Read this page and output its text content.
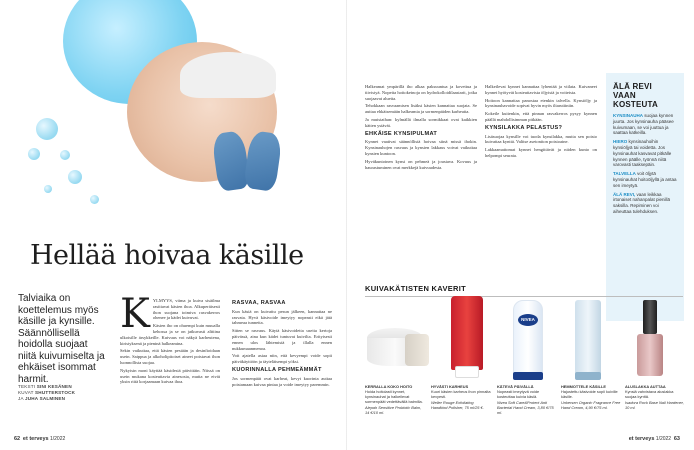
Hellää hoivaa käsille
Talviaika on koettelemus myös käsille ja kynsille. Säännöllisellä hoidolla suojaat niitä kuivumiselta ja ehkäiset isommat harmit.
TEKSTI SINI KESÄNEN
KUVAT SHUTTERSTOCK
JA JUHA SALMINEN
K YLMYYS, viima ja kuiva sisäilma rasittavat käsien ihoa. Alkuperäisesti ihon suojana toimiva rasvakerros ohenee ja kädet kuivuvat.

Käsien iho on ohuempi kuin muualla kehossa ja se on jatkuvasti alttiina ulkoisille ärsykkeille. Kuivuus voi näkyä karheutena, kiristyksenä ja pieninä halkeamina.

Sekin vaikuttaa, että käsien pestään ja desinfioidaan usein. Saippua ja alkoholipitoiset aineet poistavat ihon luonnollista suojaa.

Nykyisin moni käyttää käsidesiä päivittäin. Niissä on usein mukana kosteuttavia ainesosia, mutta ne eivät yksin riitä korjaamaan kuivaa ihoa.

RASVAA, RASVAA

Kun käsiä on kuivattu pesun jälkeen, kannattaa ne rasvata. Hyvä käsivoide imeytyy nopeasti eikä jätä tahmeaa tunnetta.

Sitten se rasvaus. Käytä käsivoidetta useita kertoja päivässä, aina kun kädet tuntuvat kuivilta. Erityisesti ennen ulos lähtemistä ja illalla ennen nukkumaanmenoa.

Voit ajatella asiaa niin, että kevyempi voide sopii päiväkäyttöön ja täyteläisempi yöksi.

KUORINNALLA PEHMEÄMMÄT

Jos sormenpäät ovat karheat, kevyt kuorinta auttaa poistamaan kuivaa pintaa ja voide imeytyy paremmin.

62 et terveys 1/2022

Halkeamat ympärillä iho alkaa paksuuntua ja kovettua ja tiivistyä. Nopeita hoitokeinoja on hydrokolloidilaastarit, jotka suojaavat aluetta.

Tehokkaan rasvaamisen lisäksi käsien kannattaa suojata. Se auttaa ehkäisemään halkeamia ja sormenpäiden karheutta.

Ja muistathan: kylmällä ilmalla sormikkaat ovat kaikkien kätten ystävät.

EHKÄISE KYNSIPULMAT

Kynnet vaativat säännöllistä hoivaa siinä missä ihokin. Kynsinauhojen rasvaus ja kynsien lakkaus voivat vaikuttaa kynsien kuntoon.

Hyväkuntoinen kynsi on pehmeä ja joustava. Kovuus ja haurastuminen ovat merkkejä kuivuudesta.

Halkeilevat kynnet kannattaa lyhentää ja viilata. Kuivaneet kynnet hyötyvät kosteuttavista öljyistä ja voiteista.

Hoitoon kannattaa panostaa etenkin talvella. Kynsiöljy ja kynsinauhavoide sopivat hyvin myös iltarutiiniin.

Kokeile kuitenkin, että pinnan rasvakerros pysyy kynnen päällä mahdollisimman pitkään.

KYNSILAKKA PELASTUS?

Lisäsuojaa kynsille voi tuoda kynsilakka, mutta sen poisto kuivattaa kynttä. Valitse asetoniton poistoaine.

Lakkaamattomat kynnet hengittävät ja niiden kunto on helpompi seurata.

ÄLÄ REVI VAAN KOSTEUTA

KYNSINAUHA suojaa kynnen juurta. Jos kynsinauha pääsee kuivumaan, se voi juuttua ja saattaa katkeilla.

HIERO kynsinauhoihin kynsiöljyä tai voidetta. Jos kynsinauhat kasvavat pitkälle kynnen päälle, työnnä niitä varovasti taaksepäin.

TALVELLA voit öljytä kynsinauhat hoitoöljyllä ja antaa sen imeytyä.

ÄLÄ REVI, vaan leikkaa irtonaiset nahanpalat pienillä saksilla. Repiminen voi aiheuttaa tulehduksen.

KUIVAKÄTISTEN KAVERIT
NIVEA
KERRALLA KOKO HOITO
Hoida hoitolasti kynnet, kynsinauhat ja halkeilevat sormenpäät vedettävällä balmilla.
Alepah Sensitive Probiotic Balm, 14 €/10 ml.
HYVÄSTI KARHEUS
Kuori käsien karheus ihon pinnalta kevyesti.
Weller Rouge Exfoliating Handkind Polisher, 75 ml/25 €.
KÄTEVÄ PÄIVÄLLÄ
Nopeasti imeytyvä voide kosteuttaa kuivia käsiä.
Nivea Soft Care&Protect Anti Bacterial Hand Cream, 3,80 €/75 ml.
HEMMOTTELE KÄSILLE
Hajustettu käsivoide sopii kuiville käsille.
Unkersen Organic Fragrance Free Hand Cream, 4,90 €/75 ml.
ALUSLAKKA AUTTAA
Kynsiä vahvistava aluslakka suojaa kynttä.
Isadora Rock Base Nail Hardener, 10 ml.
et terveys 1/2022 63
